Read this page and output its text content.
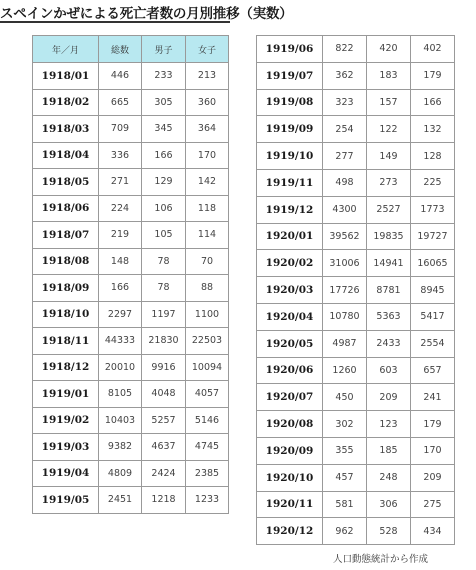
スペインかぜによる死亡者数の月別推移（実数）
年／月	総数	男子	女子
1918/01	446	233	213
1918/02	665	305	360
1918/03	709	345	364
1918/04	336	166	170
1918/05	271	129	142
1918/06	224	106	118
1918/07	219	105	114
1918/08	148	78	70
1918/09	166	78	88
1918/10	2297	1197	1100
1918/11	44333	21830	22503
1918/12	20010	9916	10094
1919/01	8105	4048	4057
1919/02	10403	5257	5146
1919/03	9382	4637	4745
1919/04	4809	2424	2385
1919/05	2451	1218	1233
1919/06	822	420	402
1919/07	362	183	179
1919/08	323	157	166
1919/09	254	122	132
1919/10	277	149	128
1919/11	498	273	225
1919/12	4300	2527	1773
1920/01	39562	19835	19727
1920/02	31006	14941	16065
1920/03	17726	8781	8945
1920/04	10780	5363	5417
1920/05	4987	2433	2554
1920/06	1260	603	657
1920/07	450	209	241
1920/08	302	123	179
1920/09	355	185	170
1920/10	457	248	209
1920/11	581	306	275
1920/12	962	528	434
人口動態統計から作成
